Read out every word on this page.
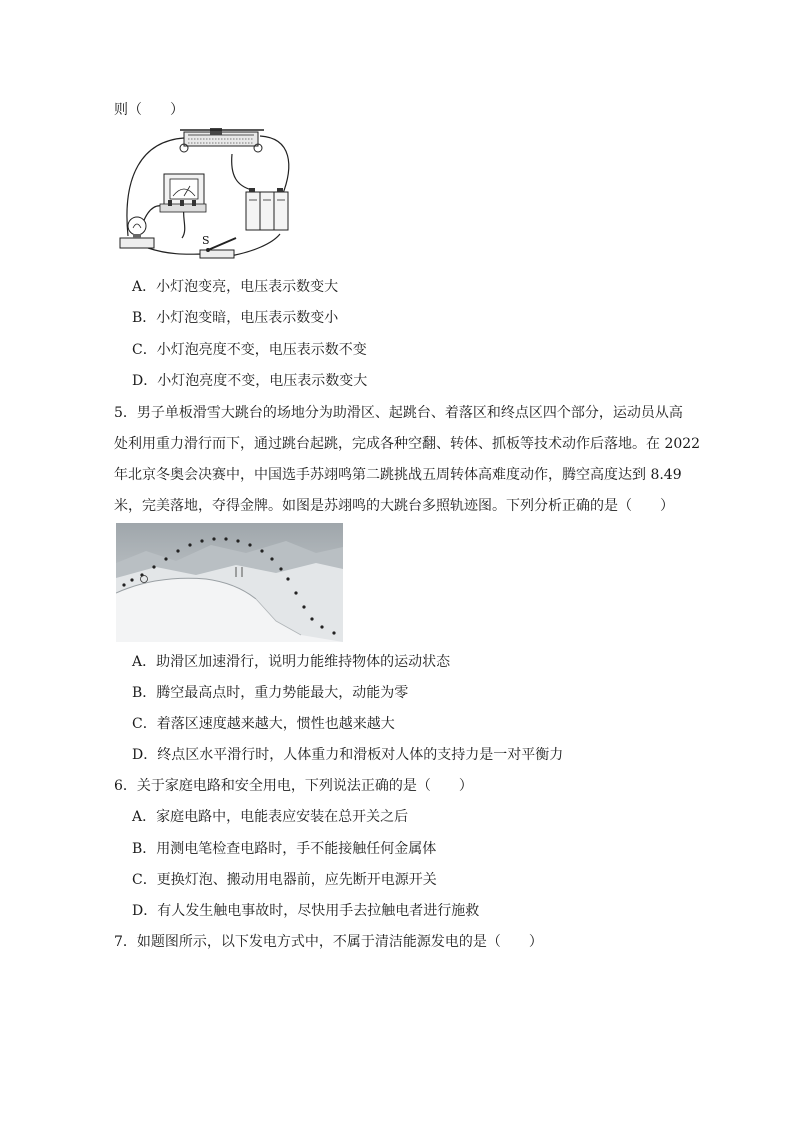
则（　　）
S
A．小灯泡变亮，电压表示数变大
B．小灯泡变暗，电压表示数变小
C．小灯泡亮度不变，电压表示数不变
D．小灯泡亮度不变，电压表示数变大
5．男子单板滑雪大跳台的场地分为助滑区、起跳台、着落区和终点区四个部分，运动员从高
处利用重力滑行而下，通过跳台起跳，完成各种空翻、转体、抓板等技术动作后落地。在 2022
年北京冬奥会决赛中，中国选手苏翊鸣第二跳挑战五周转体高难度动作，腾空高度达到 8.49
米，完美落地，夺得金牌。如图是苏翊鸣的大跳台多照轨迹图。下列分析正确的是（　　）
A．助滑区加速滑行，说明力能维持物体的运动状态
B．腾空最高点时，重力势能最大，动能为零
C．着落区速度越来越大，惯性也越来越大
D．终点区水平滑行时，人体重力和滑板对人体的支持力是一对平衡力
6．关于家庭电路和安全用电，下列说法正确的是（　　）
A．家庭电路中，电能表应安装在总开关之后
B．用测电笔检查电路时，手不能接触任何金属体
C．更换灯泡、搬动用电器前，应先断开电源开关
D．有人发生触电事故时，尽快用手去拉触电者进行施救
7．如题图所示，以下发电方式中，不属于清洁能源发电的是（　　）
